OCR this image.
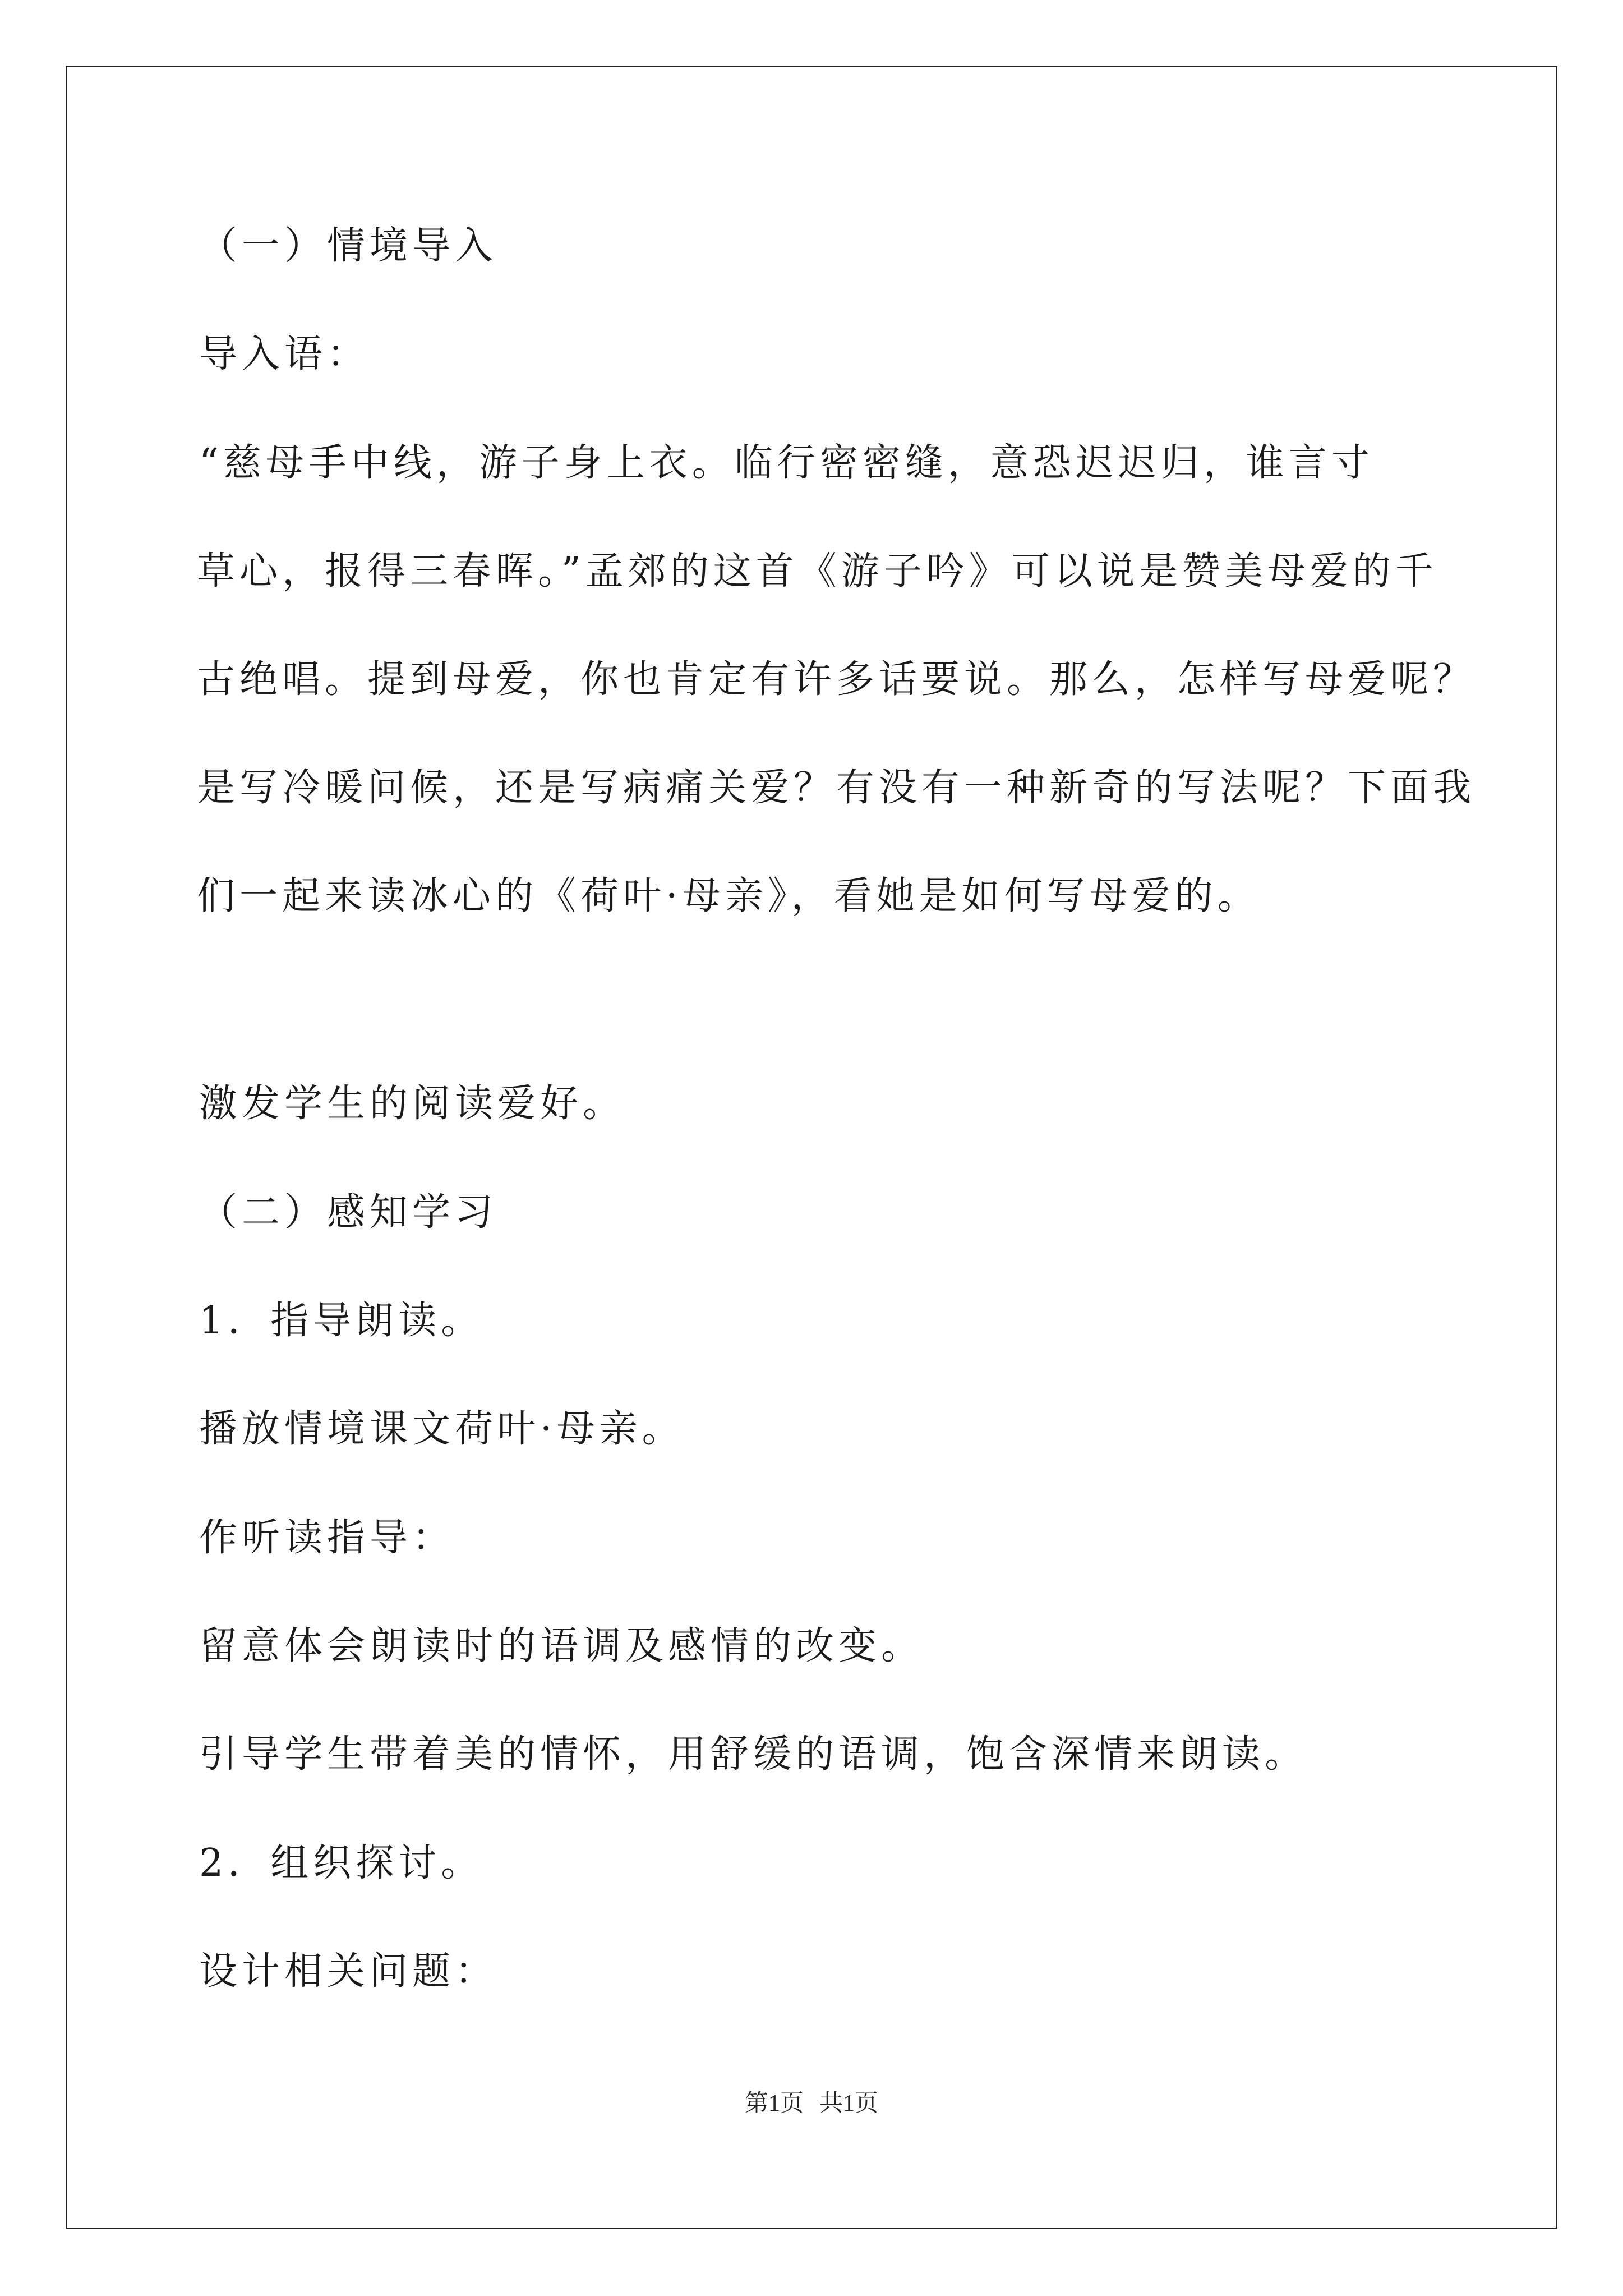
（一）情境导入
导入语：
“慈母手中线，游子身上衣。临行密密缝，意恐迟迟归，谁言寸
草心，报得三春晖。”孟郊的这首《游子吟》可以说是赞美母爱的千
古绝唱。提到母爱，你也肯定有许多话要说。那么，怎样写母爱呢？
是写冷暖问候，还是写病痛关爱？有没有一种新奇的写法呢？下面我
们一起来读冰心的《荷叶·母亲》，看她是如何写母爱的。
激发学生的阅读爱好。
（二）感知学习
1．指导朗读。
播放情境课文荷叶·母亲。
作听读指导：
留意体会朗读时的语调及感情的改变。
引导学生带着美的情怀，用舒缓的语调，饱含深情来朗读。
2．组织探讨。
设计相关问题：
第1页 共1页
